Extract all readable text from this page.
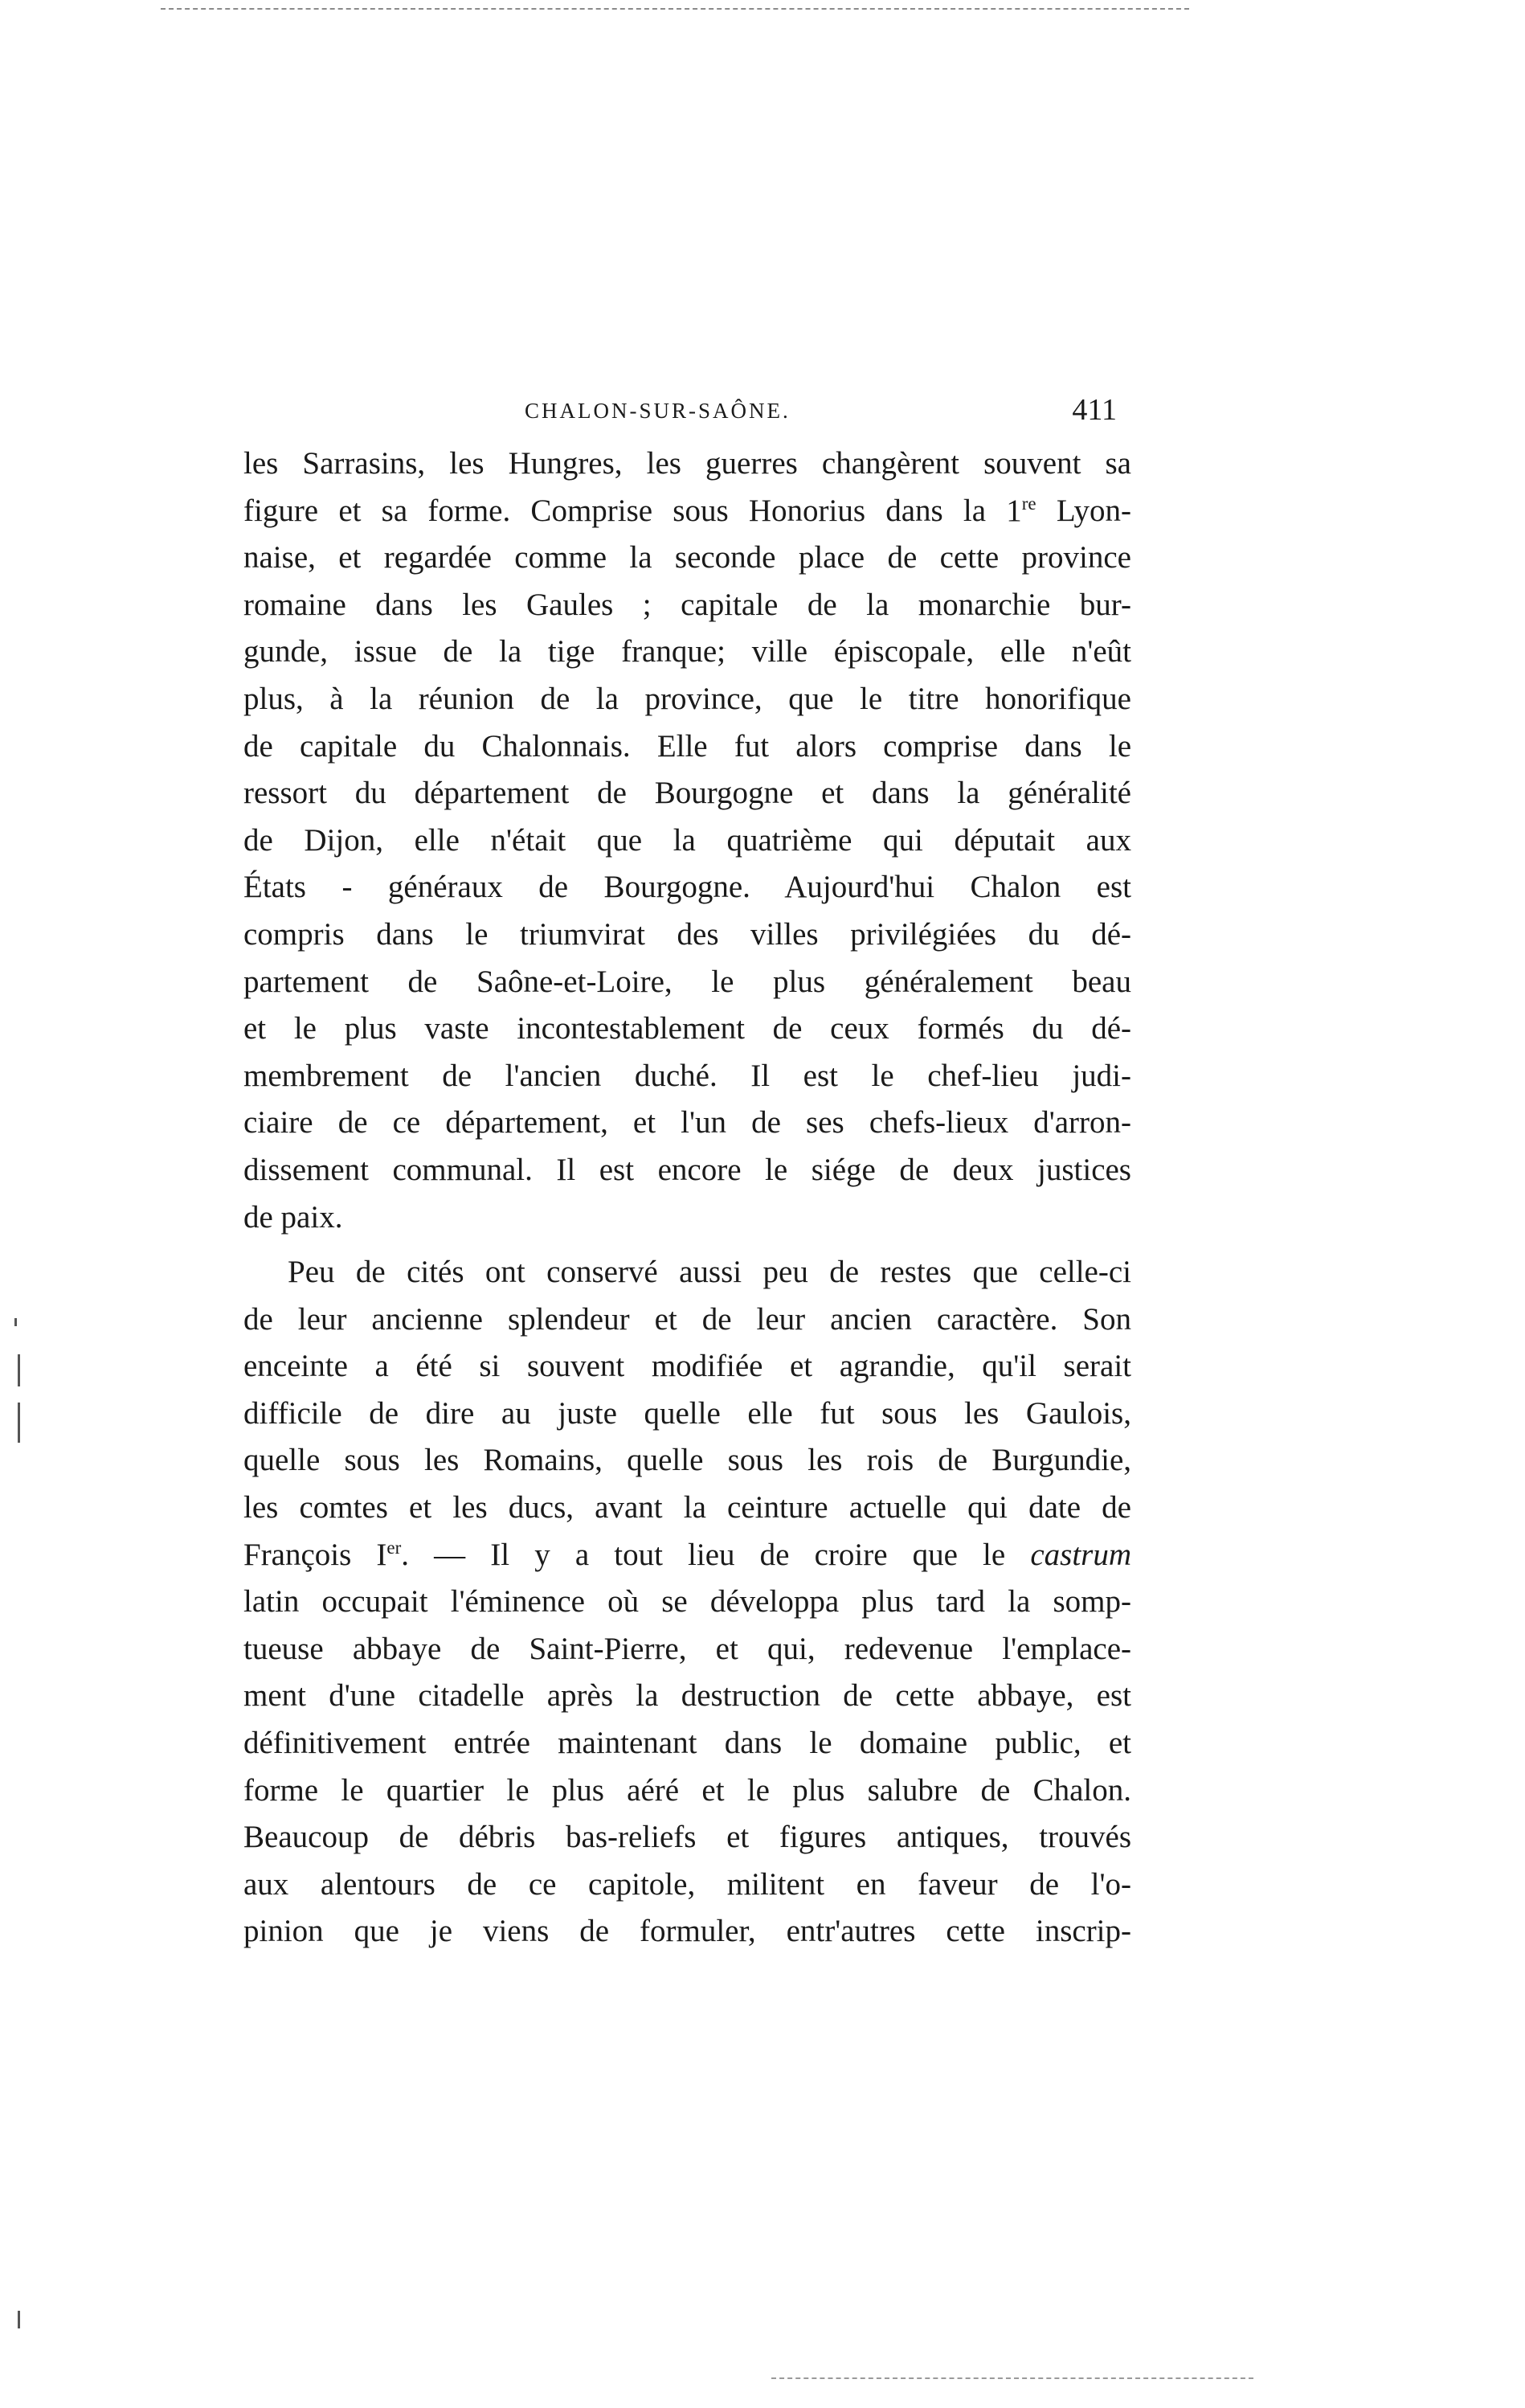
CHALON-SUR-SAÔNE.	411
les Sarrasins, les Hungres, les guerres changèrent souvent sa
figure et sa forme. Comprise sous Honorius dans la 1re Lyon-
naise, et regardée comme la seconde place de cette province
romaine dans les Gaules ; capitale de la monarchie bur-
gunde, issue de la tige franque; ville épiscopale, elle n'eût
plus, à la réunion de la province, que le titre honorifique
de capitale du Chalonnais. Elle fut alors comprise dans le
ressort du département de Bourgogne et dans la généralité
de Dijon, elle n'était que la quatrième qui députait aux
États - généraux de Bourgogne. Aujourd'hui Chalon est
compris dans le triumvirat des villes privilégiées du dé-
partement de Saône-et-Loire, le plus généralement beau
et le plus vaste incontestablement de ceux formés du dé-
membrement de l'ancien duché. Il est le chef-lieu judi-
ciaire de ce département, et l'un de ses chefs-lieux d'arron-
dissement communal. Il est encore le siége de deux justices
de paix.
Peu de cités ont conservé aussi peu de restes que celle-ci
de leur ancienne splendeur et de leur ancien caractère. Son
enceinte a été si souvent modifiée et agrandie, qu'il serait
difficile de dire au juste quelle elle fut sous les Gaulois,
quelle sous les Romains, quelle sous les rois de Burgundie,
les comtes et les ducs, avant la ceinture actuelle qui date de
François Ier. — Il y a tout lieu de croire que le castrum
latin occupait l'éminence où se développa plus tard la somp-
tueuse abbaye de Saint-Pierre, et qui, redevenue l'emplace-
ment d'une citadelle après la destruction de cette abbaye, est
définitivement entrée maintenant dans le domaine public, et
forme le quartier le plus aéré et le plus salubre de Chalon.
Beaucoup de débris bas-reliefs et figures antiques, trouvés
aux alentours de ce capitole, militent en faveur de l'o-
pinion que je viens de formuler, entr'autres cette inscrip-
